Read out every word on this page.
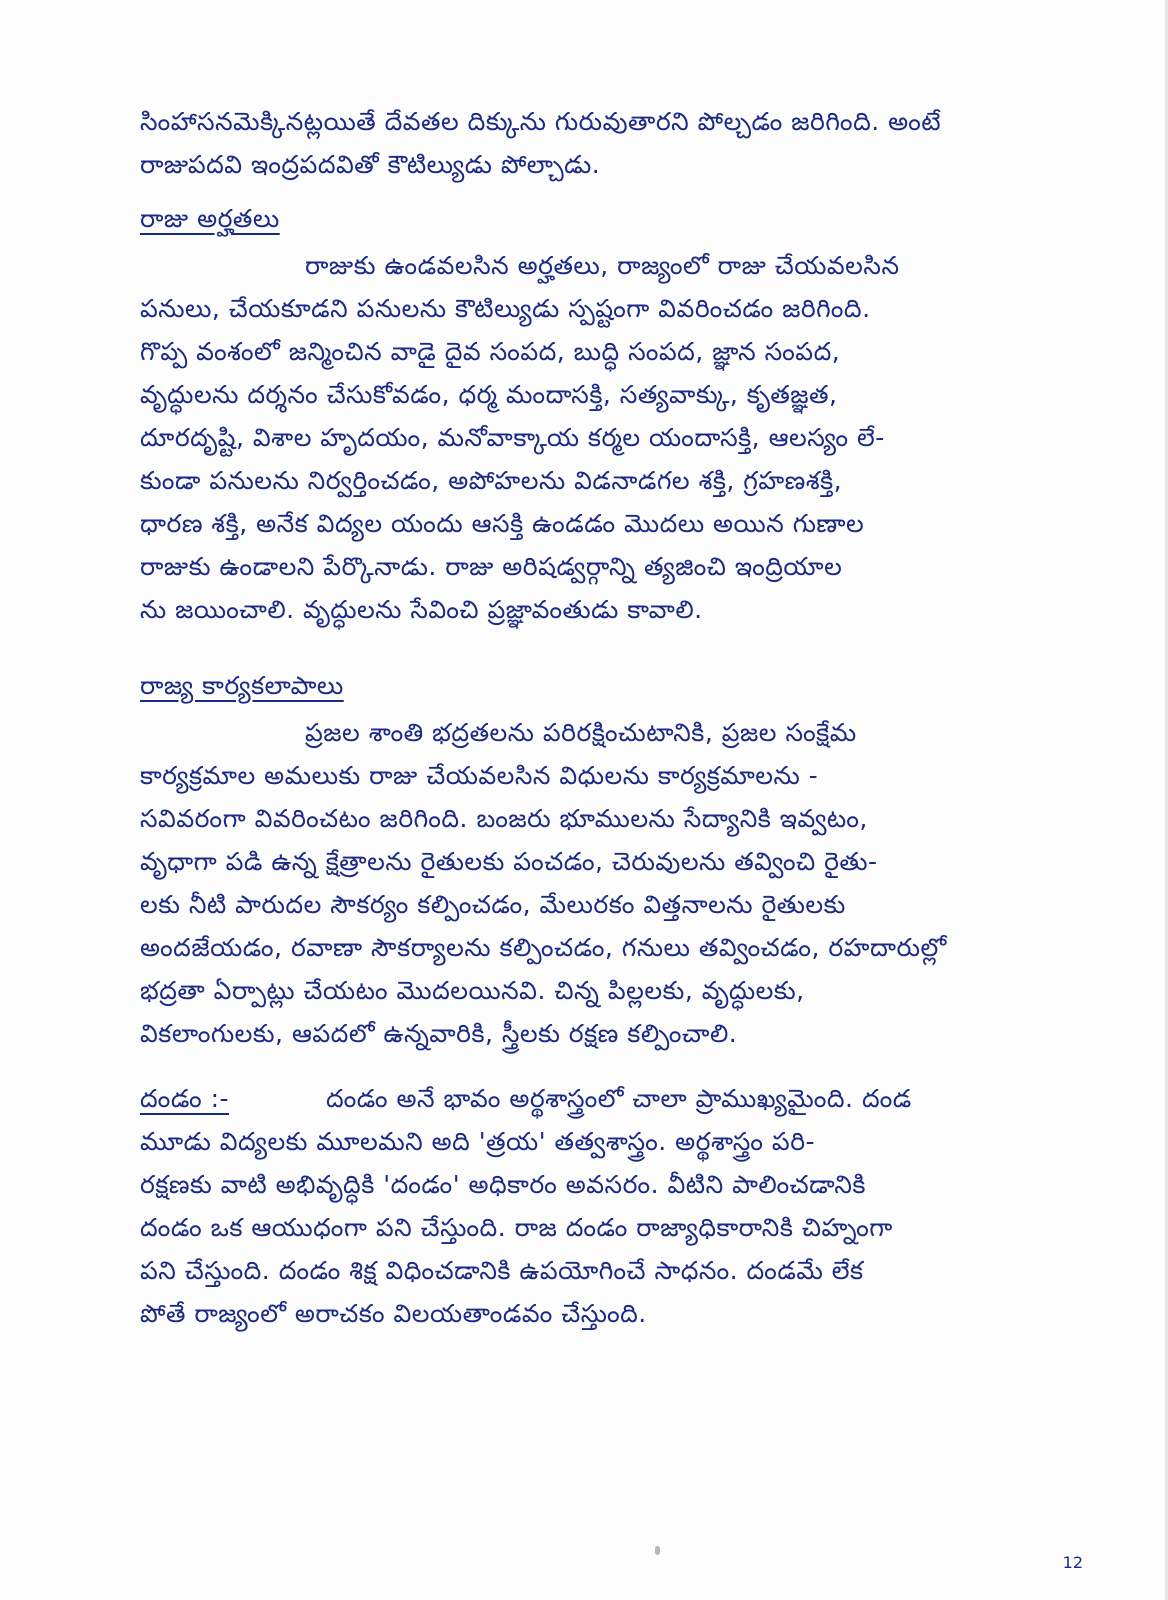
సింహాసనమెక్కినట్లయితే దేవతల దిక్కును గురువుతారని పోల్చడం జరిగింది. అంటే
రాజుపదవి ఇంద్రపదవితో కౌటిల్యుడు పోల్చాడు.
రాజు అర్హతలు
రాజుకు ఉండవలసిన అర్హతలు, రాజ్యంలో రాజు చేయవలసిన
పనులు, చేయకూడని పనులను కౌటిల్యుడు స్పష్టంగా వివరించడం జరిగింది.
గొప్ప వంశంలో జన్మించిన వాడై దైవ సంపద, బుద్ధి సంపద, జ్ఞాన సంపద,
వృద్ధులను దర్శనం చేసుకోవడం, ధర్మ మందాసక్తి, సత్యవాక్కు, కృతజ్ఞత,
దూరదృష్టి, విశాల హృదయం, మనోవాక్కాయ కర్మల యందాసక్తి, ఆలస్యం లే-
కుండా పనులను నిర్వర్తించడం, అపోహలను విడనాడగల శక్తి, గ్రహణశక్తి,
ధారణ శక్తి, అనేక విద్యల యందు ఆసక్తి ఉండడం మొదలు అయిన గుణాల
రాజుకు ఉండాలని పేర్కొనాడు. రాజు అరిషడ్వర్గాన్ని త్యజించి ఇంద్రియాల
ను జయించాలి. వృద్ధులను సేవించి ప్రజ్ఞావంతుడు కావాలి.
రాజ్య కార్యకలాపాలు
ప్రజల శాంతి భద్రతలను పరిరక్షించుటానికి, ప్రజల సంక్షేమ
కార్యక్రమాల అమలుకు రాజు చేయవలసిన విధులను కార్యక్రమాలను -
సవివరంగా వివరించటం జరిగింది. బంజరు భూములను సేద్యానికి ఇవ్వటం,
వృధాగా పడి ఉన్న క్షేత్రాలను రైతులకు పంచడం, చెరువులను తవ్వించి రైతు-
లకు నీటి పారుదల సౌకర్యం కల్పించడం, మేలురకం విత్తనాలను రైతులకు
అందజేయడం, రవాణా సౌకర్యాలను కల్పించడం, గనులు తవ్వించడం, రహదారుల్లో
భద్రతా ఏర్పాట్లు చేయటం మొదలయినవి. చిన్న పిల్లలకు, వృద్ధులకు,
వికలాంగులకు, ఆపదలో ఉన్నవారికి, స్త్రీలకు రక్షణ కల్పించాలి.
దండం :-	దండం అనే భావం అర్థశాస్త్రంలో చాలా ప్రాముఖ్యమైంది. దండ
మూడు విద్యలకు మూలమని అది 'త్రయ' తత్వశాస్త్రం. అర్థశాస్త్రం పరి-
రక్షణకు వాటి అభివృద్ధికి 'దండం' అధికారం అవసరం. వీటిని పాలించడానికి
దండం ఒక ఆయుధంగా పని చేస్తుంది. రాజ దండం రాజ్యాధికారానికి చిహ్నంగా
పని చేస్తుంది. దండం శిక్ష విధించడానికి ఉపయోగించే సాధనం. దండమే లేక
పోతే రాజ్యంలో అరాచకం విలయతాండవం చేస్తుంది.
12
